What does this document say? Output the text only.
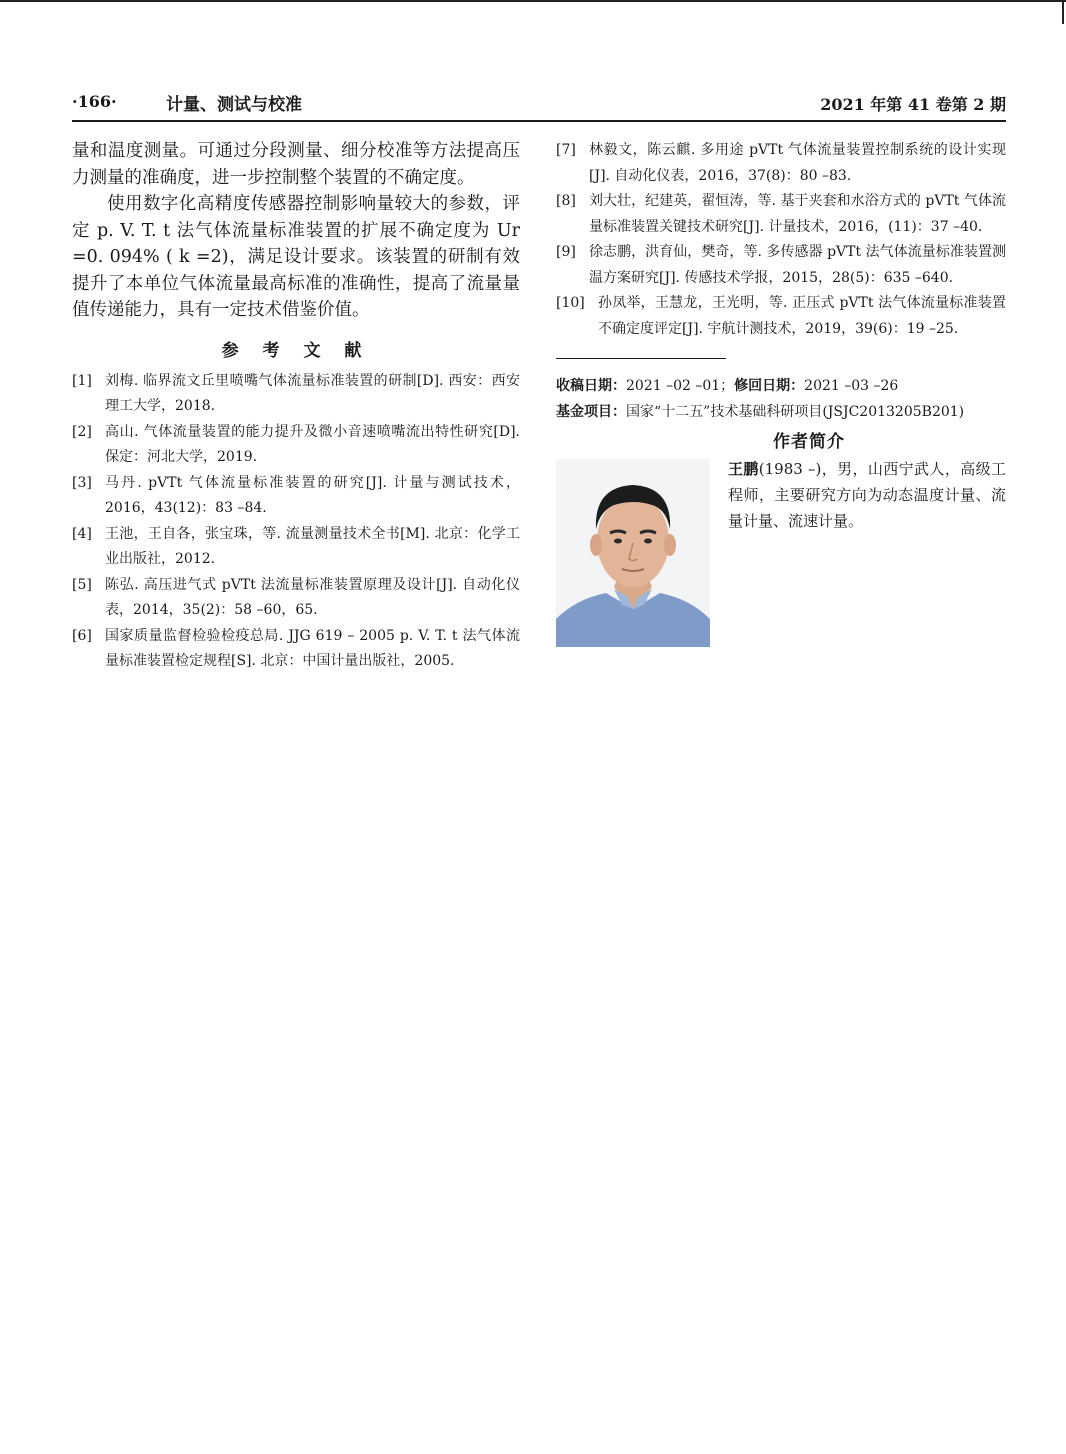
·166·	计量、测试与校准	2021 年第 41 卷第 2 期

量和温度测量。可通过分段测量、细分校准等方法提高压力测量的准确度，进一步控制整个装置的不确定度。

使用数字化高精度传感器控制影响量较大的参数，评定 p. V. T. t 法气体流量标准装置的扩展不确定度为 Ur =0. 094% ( k =2)，满足设计要求。该装置的研制有效提升了本单位气体流量最高标准的准确性，提高了流量量值传递能力，具有一定技术借鉴价值。

参 考 文 献
[1] 刘梅. 临界流文丘里喷嘴气体流量标准装置的研制[D]. 西安：西安理工大学，2018.
[2] 高山. 气体流量装置的能力提升及微小音速喷嘴流出特性研究[D]. 保定：河北大学，2019.
[3] 马丹. pVTt 气体流量标准装置的研究[J]. 计量与测试技术，2016，43(12)：83 –84.
[4] 王池，王自各，张宝珠，等. 流量测量技术全书[M]. 北京：化学工业出版社，2012.
[5] 陈弘. 高压进气式 pVTt 法流量标准装置原理及设计[J]. 自动化仪表，2014，35(2)：58 –60，65.
[6] 国家质量监督检验检疫总局. JJG 619 – 2005 p. V. T. t 法气体流量标准装置检定规程[S]. 北京：中国计量出版社，2005.
[7] 林毅文，陈云麒. 多用途 pVTt 气体流量装置控制系统的设计实现[J]. 自动化仪表，2016，37(8)：80 –83.
[8] 刘大壮，纪建英，翟恒涛，等. 基于夹套和水浴方式的 pVTt 气体流量标准装置关键技术研究[J]. 计量技术，2016，(11)：37 –40.
[9] 徐志鹏，洪育仙，樊奇，等. 多传感器 pVTt 法气体流量标准装置测温方案研究[J]. 传感技术学报，2015，28(5)：635 –640.
[10] 孙凤举，王慧龙，王光明，等. 正压式 pVTt 法气体流量标准装置不确定度评定[J]. 宇航计测技术，2019，39(6)：19 –25.
收稿日期：2021 –02 –01；修回日期：2021 –03 –26
基金项目：国家“十二五”技术基础科研项目(JSJC2013205B201)
作者简介
王鹏(1983 –)，男，山西宁武人，高级工程师，主要研究方向为动态温度计量、流量计量、流速计量。
